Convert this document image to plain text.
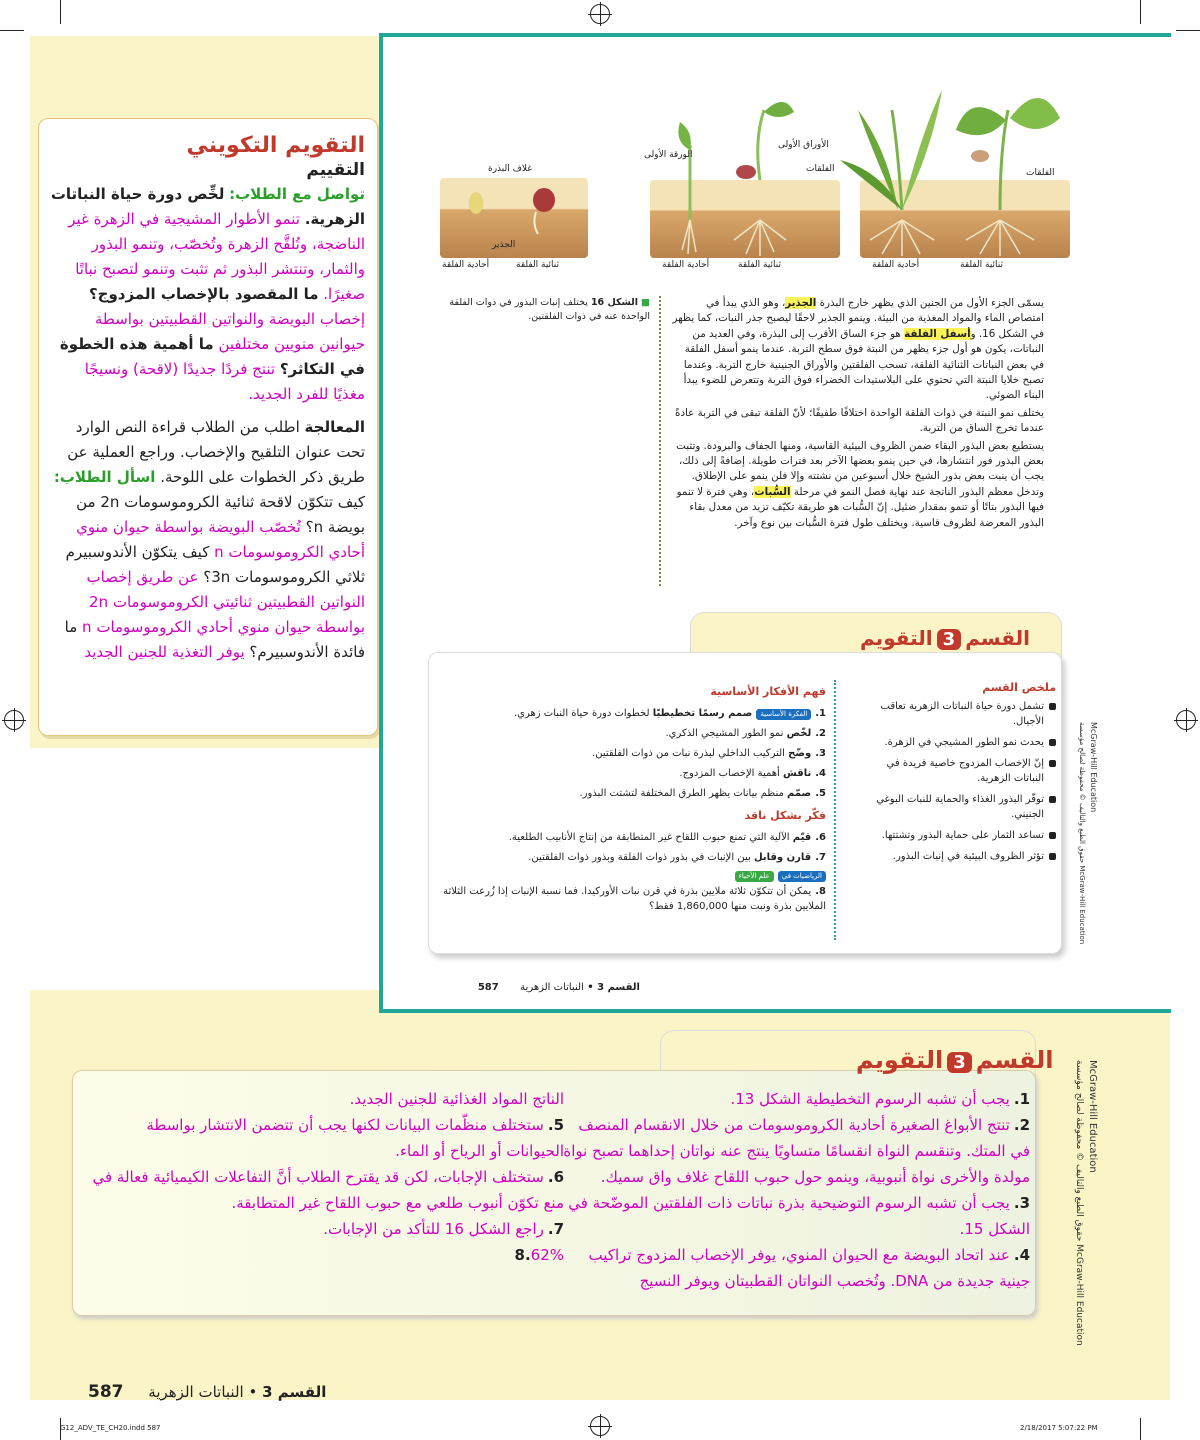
التقويم التكويني
التقييم

تواصل مع الطلاب: لخِّص دورة حياة النباتات الزهرية. تنمو الأطوار المشيجية في الزهرة غير الناضجة، وتُلقَّح الزهرة وتُخصّب، وتنمو البذور والثمار، وتنتشر البذور ثم تثبت وتنمو لتصبح نباتًا صغيرًا. ما المقصود بالإخصاب المزدوج؟ إخصاب البويضة والنواتين القطبيتين بواسطة حيوانين منويين مختلفين ما أهمية هذه الخطوة في التكاثر؟ تنتج فردًا جديدًا (لاقحة) ونسيجًا مغذيًا للفرد الجديد.

المعالجة اطلب من الطلاب قراءة النص الوارد تحت عنوان التلقيح والإخصاب. وراجع العملية عن طريق ذكر الخطوات على اللوحة. اسأل الطلاب: كيف تتكوّن لاقحة ثنائية الكروموسومات 2n من بويضة n؟ تُخصّب البويضة بواسطة حيوان منوي أحادي الكروموسومات n كيف يتكوّن الأندوسبيرم ثلاثي الكروموسومات 3n؟ عن طريق إخصاب النواتين القطبيتين ثنائيتي الكروموسومات 2n بواسطة حيوان منوي أحادي الكروموسومات n ما فائدة الأندوسبيرم؟ يوفر التغذية للجنين الجديد

غلاف البذرة
الجذير
الورقة الأولى
الأوراق الأولى
الفلقات	الفلقات
أحادية الفلقة	ثنائية الفلقة	أحادية الفلقة	ثنائية الفلقة	أحادية الفلقة	ثنائية الفلقة
■ الشكل 16 يختلف إنبات البذور في ذوات الفلقة الواحدة عنه في ذوات الفلقتين.

يسمّى الجزء الأول من الجنين الذي يظهر خارج البذرة الجذير، وهو الذي يبدأ في امتصاص الماء والمواد المغذية من البيئة. وينمو الجذير لاحقًا ليصبح جذر النبات، كما يظهر في الشكل 16. وأسفل الفلقة هو جزء الساق الأقرب إلى البذرة، وفي العديد من النباتات، يكون هو أول جزء يظهر من النبتة فوق سطح التربة. عندما ينمو أسفل الفلقة في بعض النباتات الثنائية الفلقة، تسحب الفلقتين والأوراق الجنينية خارج التربة. وعندما تصبح خلايا النبتة التي تحتوي على البلاستيدات الخضراء فوق التربة وتتعرض للضوء يبدأ البناء الضوئي.

يختلف نمو النبتة في ذوات الفلقة الواحدة اختلافًا طفيفًا؛ لأنّ الفلقة تبقى في التربة عادةً عندما تخرج الساق من التربة.

يستطيع بعض البذور البقاء ضمن الظروف البيئية القاسية، ومنها الجفاف والبرودة. وتثبت بعض البذور فور انتشارها، في حين ينمو بعضها الآخر بعد فترات طويلة. إضافةً إلى ذلك، يجب أن ينبت بعض بذور الشيخ خلال أسبوعين من نشتته وإلا فلن ينمو على الإطلاق. وتدخل معظم البذور الناتجة عند نهاية فصل النمو في مرحلة السُّبات، وهي فترة لا تنمو فيها البذور بتاتًا أو تنمو بمقدار ضئيل. إنّ السُّبات هو طريقة تكيّف تزيد من معدل بقاء البذور المعرضة لظروف قاسية. ويختلف طول فترة السُّبات بين نوع وآخر.

القسم3التقويم
ملخص القسم
تشمل دورة حياة النباتات الزهرية تعاقب الأجيال.
يحدث نمو الطور المشيجي في الزهرة.
إنّ الإخصاب المزدوج خاصية فريدة في النباتات الزهرية.
توفّر البذور الغذاء والحماية للنبات البوغي الجنيني.
تساعد الثمار على حماية البذور وتشتتها.
تؤثر الظروف البيئية في إنبات البذور.
فهم الأفكار الأساسية
1.الفكرة الأساسيةصمم رسمًا تخطيطيًا لخطوات دورة حياة النبات زهري.
2.لخّص نمو الطور المشيجي الذكري.
3.وضّح التركيب الداخلي لبذرة نبات من ذوات الفلقتين.
4.ناقش أهمية الإخصاب المزدوج.
5.صمّم منظم بيانات يظهر الطرق المختلفة لتشتت البذور.
فكّر بشكل ناقد
6.قيّم الآلية التي تمنع حبوب اللقاح غير المتطابقة من إنتاج الأنابيب الطلعية.
7.قارن وقابل بين الإنبات في بذور ذوات الفلقة وبذور ذوات الفلقتين.
الرياضيات فيعلم الأحياء
8.يمكن أن تتكوّن ثلاثة ملايين بذرة في قرن نبات الأوركيدا. فما نسبة الإنبات إذا زُرعت الثلاثة الملايين بذرة ونبت منها 1,860,000 فقط؟
القسم 3 • النباتات الزهرية 587
القسم3التقويم
1.يجب أن تشبه الرسوم التخطيطية الشكل 13.
2.تنتج الأبواغ الصغيرة أحادية الكروموسومات من خلال الانقسام المنصف في المتك. وتنقسم النواة انقسامًا متساويًا ينتج عنه نواتان إحداهما تصبح نواة مولدة والأخرى نواة أنبوبية، وينمو حول حبوب اللقاح غلاف واق سميك.
3.يجب أن تشبه الرسوم التوضيحية بذرة نباتات ذات الفلقتين الموضّحة في الشكل 15.
4.عند اتحاد البويضة مع الحيوان المنوي، يوفر الإخصاب المزدوج تراكيب جينية جديدة من DNA. وتُخصب النواتان القطبيتان ويوفر النسيج
الناتج المواد الغذائية للجنين الجديد.
5.ستختلف منظّمات البيانات لكنها يجب أن تتضمن الانتشار بواسطة الحيوانات أو الرياح أو الماء.
6.ستختلف الإجابات، لكن قد يقترح الطلاب أنَّ التفاعلات الكيميائية فعالة في منع تكوّن أنبوب طلعي مع حبوب اللقاح غير المتطابقة.
7.راجع الشكل 16 للتأكد من الإجابات.
8.62%
القسم 3 • النباتات الزهرية 587
G12_ADV_TE_CH20.indd 587	2/18/2017 5:07:22 PM
McGraw-Hill Education
حقوق الطبع والتأليف © محفوظة لصالح مؤسسة McGraw-Hill Education
McGraw-Hill Education
حقوق الطبع والتأليف © محفوظة لصالح مؤسسة McGraw-Hill Education
